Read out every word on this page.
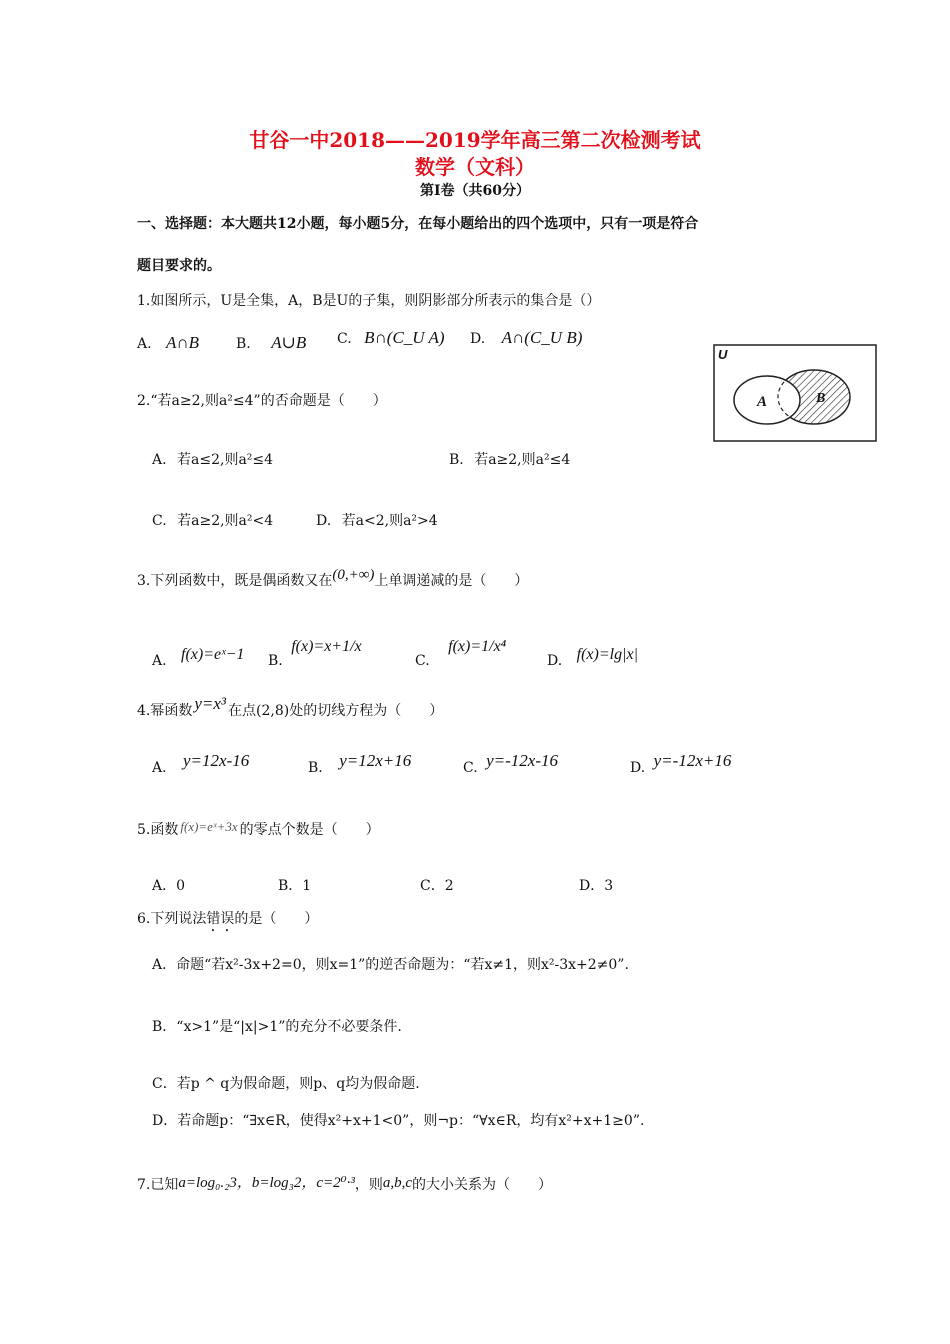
甘谷一中2018——2019学年高三第二次检测考试
数学（文科）
第I卷（共60分）
一、选择题：本大题共12小题，每小题5分，在每小题给出的四个选项中，只有一项是符合
题目要求的。
1.如图所示，U是全集，A，B是U的子集，则阴影部分所表示的集合是（）
A. A∩B	B. A∪B C. B∩(C_U A) D. A∩(C_U B)
U
A	B
2.“若a≥2,则a²≤4”的否命题是（　　）
A. 若a≤2,则a²≤4	B. 若a≥2,则a²≤4
C. 若a≥2,则a²<4	D. 若a<2,则a²>4
3.下列函数中，既是偶函数又在(0,+∞)上单调递减的是（　　）
A. f(x)=eˣ−1 B. f(x)=x+1/x
C. f(x)=1/x⁴
D. f(x)=lg|x|
4.幂函数 y=x³ 在点(2,8)处的切线方程为（　　）
A. y=12x-16	B. y=12x+16	C. y=-12x-16	D. y=-12x+16
5.函数 f(x)=eˣ+3x 的零点个数是（　　）
A．0	B．1	C．2	D．3
6.下列说法错误的是（　　）
A．命题“若x²-3x+2=0，则x=1”的逆否命题为：“若x≠1，则x²-3x+2≠0”.
B．“x>1”是“|x|>1”的充分不必要条件.
C．若p ^ q为假命题，则p、q均为假命题.
D．若命题p：“∃x∈R，使得x²+x+1<0”，则¬p：“∀x∈R，均有x²+x+1≥0”.
7.已知a=log₀.₂3，b=log₃2，c=2⁰·³，则a,b,c的大小关系为（　　）
